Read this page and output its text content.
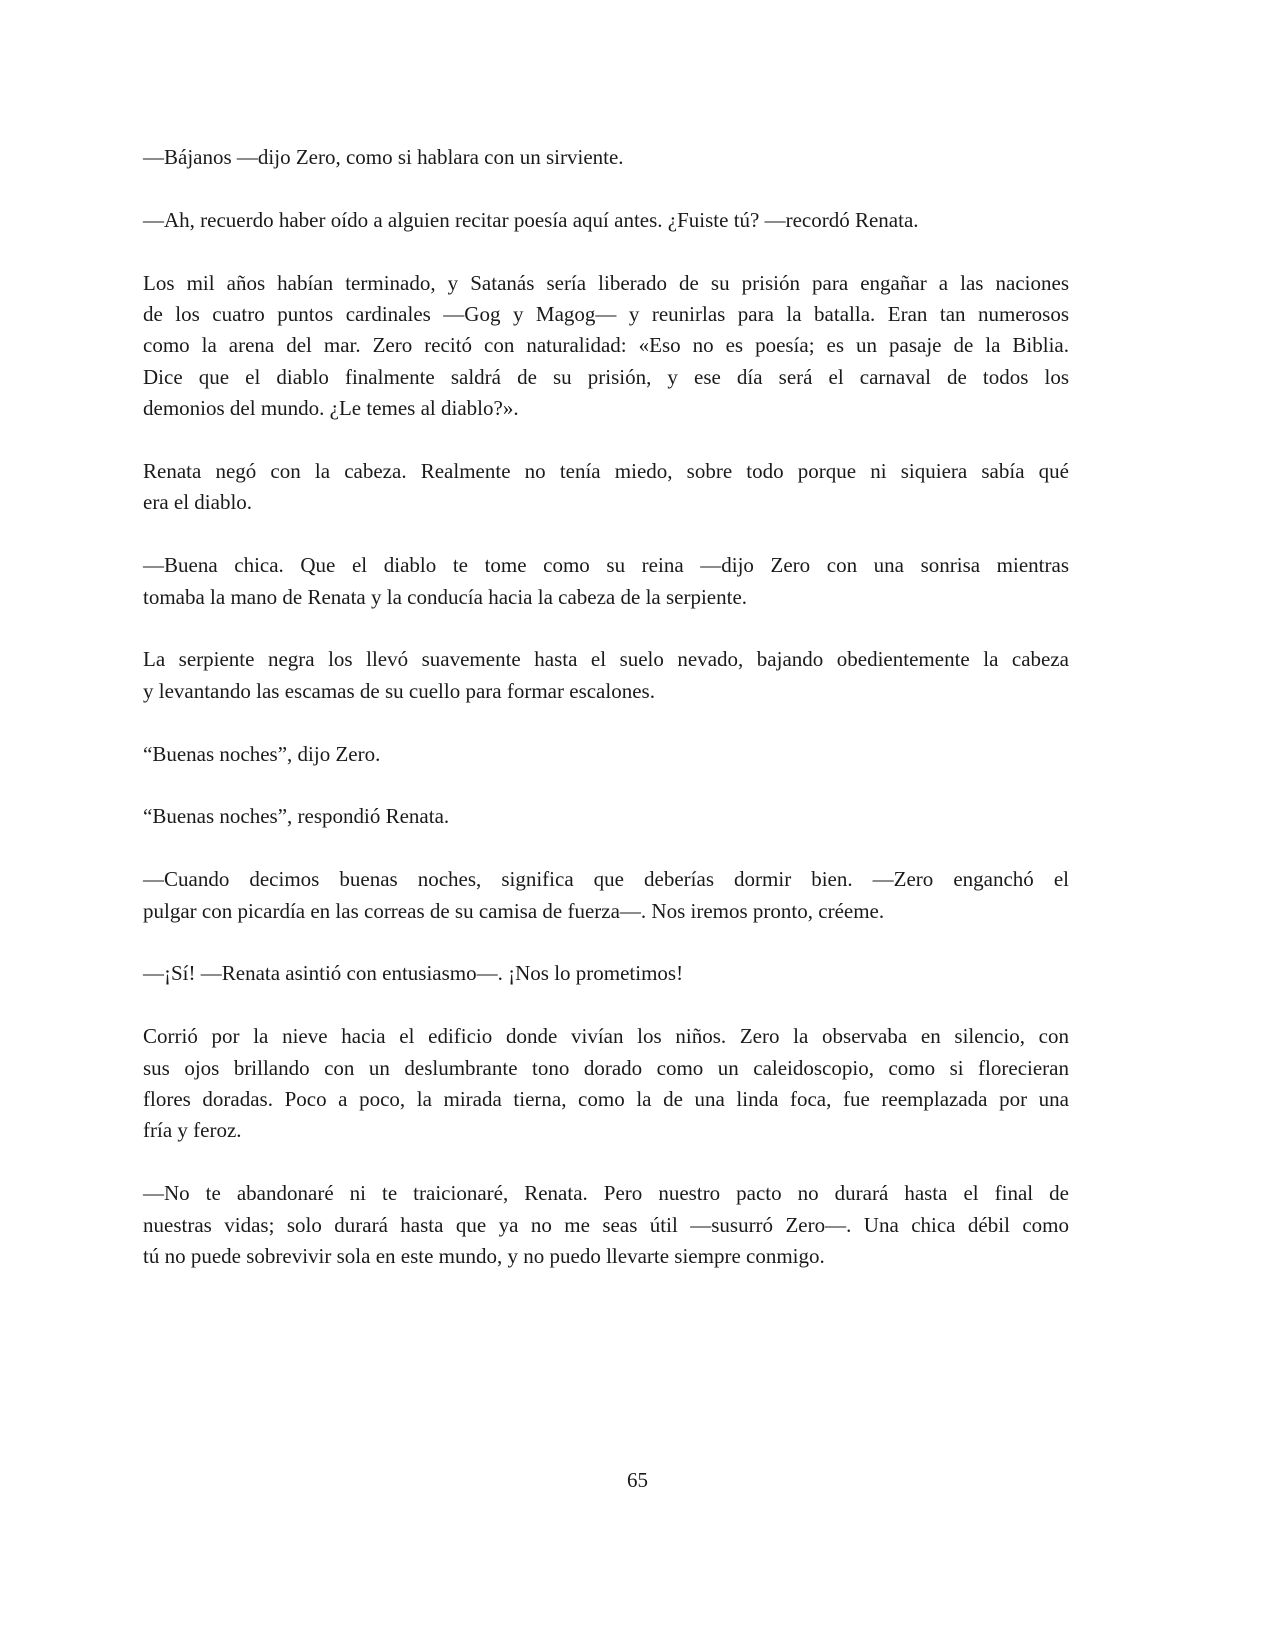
—Bájanos —dijo Zero, como si hablara con un sirviente.

—Ah, recuerdo haber oído a alguien recitar poesía aquí antes. ¿Fuiste tú? —recordó Renata.

Los mil años habían terminado, y Satanás sería liberado de su prisión para engañar a las naciones
de los cuatro puntos cardinales —Gog y Magog— y reunirlas para la batalla. Eran tan numerosos
como la arena del mar. Zero recitó con naturalidad: «Eso no es poesía; es un pasaje de la Biblia.
Dice que el diablo finalmente saldrá de su prisión, y ese día será el carnaval de todos los
demonios del mundo. ¿Le temes al diablo?».

Renata negó con la cabeza. Realmente no tenía miedo, sobre todo porque ni siquiera sabía qué
era el diablo.

—Buena chica. Que el diablo te tome como su reina —dijo Zero con una sonrisa mientras
tomaba la mano de Renata y la conducía hacia la cabeza de la serpiente.

La serpiente negra los llevó suavemente hasta el suelo nevado, bajando obedientemente la cabeza
y levantando las escamas de su cuello para formar escalones.

“Buenas noches”, dijo Zero.

“Buenas noches”, respondió Renata.

—Cuando decimos buenas noches, significa que deberías dormir bien. —Zero enganchó el
pulgar con picardía en las correas de su camisa de fuerza—. Nos iremos pronto, créeme.

—¡Sí! —Renata asintió con entusiasmo—. ¡Nos lo prometimos!

Corrió por la nieve hacia el edificio donde vivían los niños. Zero la observaba en silencio, con
sus ojos brillando con un deslumbrante tono dorado como un caleidoscopio, como si florecieran
flores doradas. Poco a poco, la mirada tierna, como la de una linda foca, fue reemplazada por una
fría y feroz.

—No te abandonaré ni te traicionaré, Renata. Pero nuestro pacto no durará hasta el final de
nuestras vidas; solo durará hasta que ya no me seas útil —susurró Zero—. Una chica débil como
tú no puede sobrevivir sola en este mundo, y no puedo llevarte siempre conmigo.

65
